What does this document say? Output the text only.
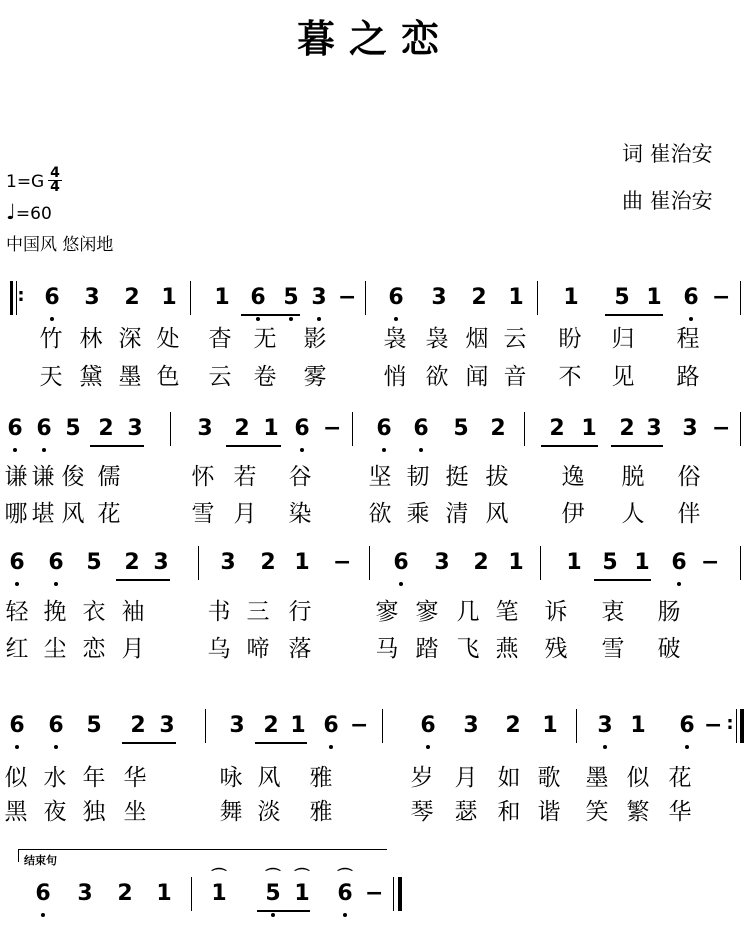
暮之恋
词 崔治安
曲 崔治安
$1=G \frac{4}{4}$
♩=60
中国风 悠闲地
结束句
: 6 3 2 1 1 6 5 3 − 6 3 2 1 1 5 1 6 −
竹 林 深 处 杳 无 影 袅 袅 烟 云 盼 归 程
天 黛 墨 色 云 卷 雾 悄 欲 闻 音 不 见 路
6 6 5 2 3 3 2 1 6 − 6 6 5 2 2 1 2 3 3 −
谦 谦 俊 儒	怀 若 谷 坚 韧 挺 拔 逸 脱 俗
哪 堪 风 花	雪 月 染 欲 乘 清 风 伊 人 伴
6 6 5 2 3 3 2 1 − 6 3 2 1 1 5 1 6 −
轻 挽 衣 袖	书 三 行	寥 寥 几 笔 诉 衷 肠
红 尘 恋 月	乌 啼 落	马 踏 飞 燕 残 雪 破
6 6 5 2 3 3 2 1 6 − 6 3 2 1 3 1 6 − :
似 水 年 华	咏 风 雅	岁 月 如 歌 墨 似 花
黑 夜 独 坐	舞 淡 雅	琴 瑟 和 谐 笑 繁 华
6 3 2 1 1
⌒
5
⌒
1
⌒
6
⌒
−
